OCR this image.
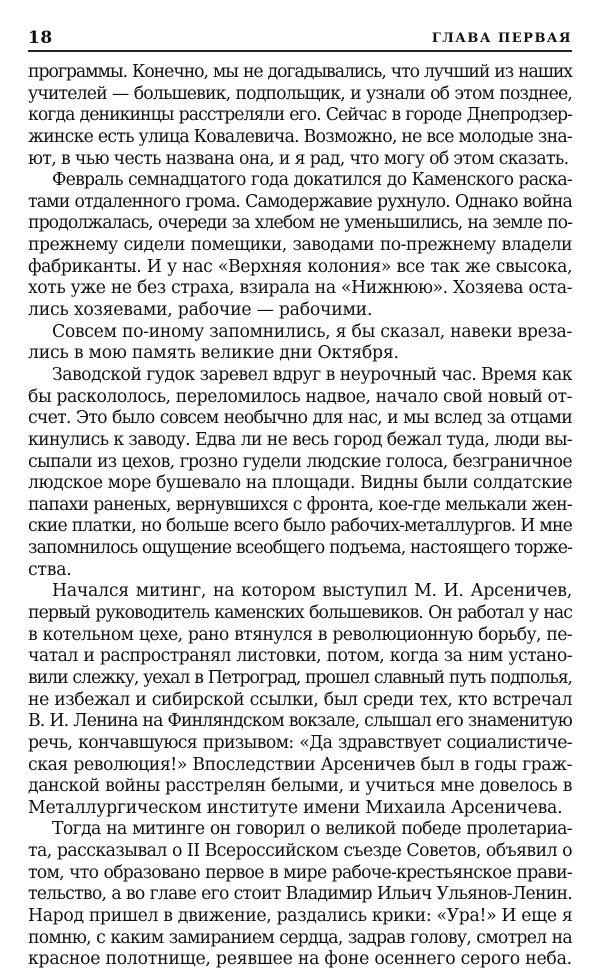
18	ГЛАВА ПЕРВАЯ
программы. Конечно, мы не догадывались, что лучший из наших
учителей — большевик, подпольщик, и узнали об этом позднее,
когда деникинцы расстреляли его. Сейчас в городе Днепродзер-
жинске есть улица Ковалевича. Возможно, не все молодые зна-
ют, в чью честь названа она, и я рад, что могу об этом сказать.
Февраль семнадцатого года докатился до Каменского раска-
тами отдаленного грома. Самодержавие рухнуло. Однако война
продолжалась, очереди за хлебом не уменьшились, на земле по-
прежнему сидели помещики, заводами по-прежнему владели
фабриканты. И у нас «Верхняя колония» все так же свысока,
хоть уже не без страха, взирала на «Нижнюю». Хозяева оста-
лись хозяевами, рабочие — рабочими.
Совсем по-иному запомнились, я бы сказал, навеки вреза-
лись в мою память великие дни Октября.
Заводской гудок заревел вдруг в неурочный час. Время как
бы раскололось, переломилось надвое, начало свой новый от-
счет. Это было совсем необычно для нас, и мы вслед за отцами
кинулись к заводу. Едва ли не весь город бежал туда, люди вы-
сыпали из цехов, грозно гудели людские голоса, безграничное
людское море бушевало на площади. Видны были солдатские
папахи раненых, вернувшихся с фронта, кое-где мелькали жен-
ские платки, но больше всего было рабочих-металлургов. И мне
запомнилось ощущение всеобщего подъема, настоящего торже-
ства.
Начался митинг, на котором выступил М. И. Арсеничев,
первый руководитель каменских большевиков. Он работал у нас
в котельном цехе, рано втянулся в революционную борьбу, пе-
чатал и распространял листовки, потом, когда за ним устано-
вили слежку, уехал в Петроград, прошел славный путь подполья,
не избежал и сибирской ссылки, был среди тех, кто встречал
В. И. Ленина на Финляндском вокзале, слышал его знаменитую
речь, кончавшуюся призывом: «Да здравствует социалистиче-
ская революция!» Впоследствии Арсеничев был в годы граж-
данской войны расстрелян белыми, и учиться мне довелось в
Металлургическом институте имени Михаила Арсеничева.
Тогда на митинге он говорил о великой победе пролетариа-
та, рассказывал о II Всероссийском съезде Советов, объявил о
том, что образовано первое в мире рабоче-крестьянское прави-
тельство, а во главе его стоит Владимир Ильич Ульянов-Ленин.
Народ пришел в движение, раздались крики: «Ура!» И еще я
помню, с каким замиранием сердца, задрав голову, смотрел на
красное полотнище, реявшее на фоне осеннего серого неба.
